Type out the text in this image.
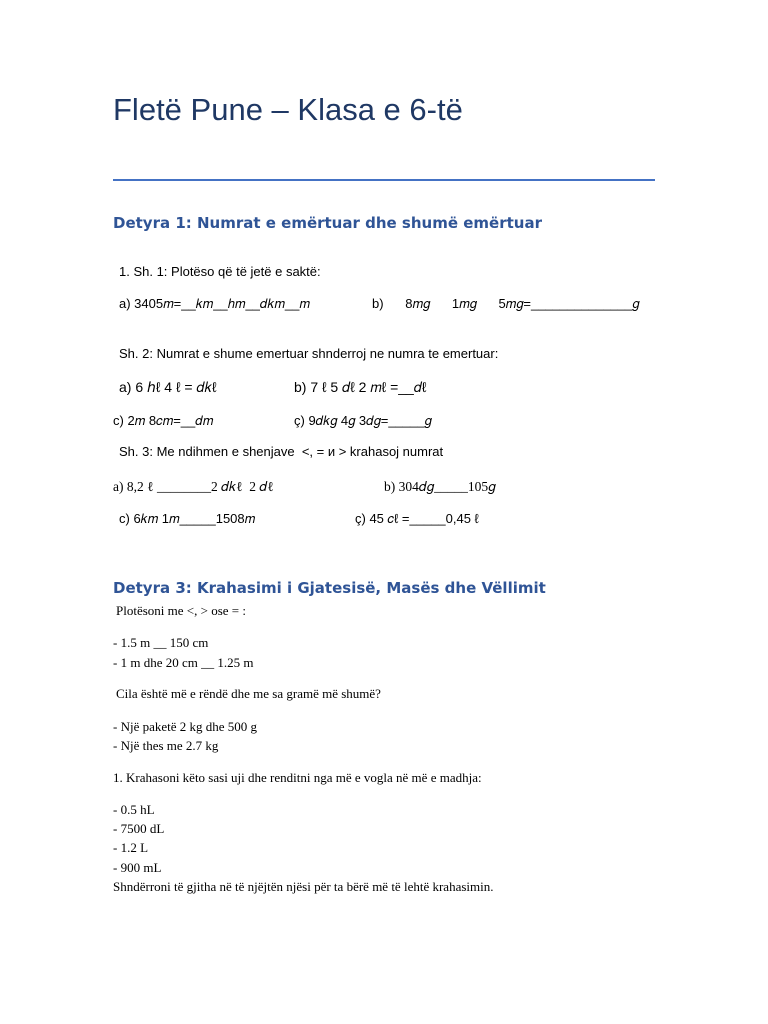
Fletë Pune – Klasa e 6-të
Detyra 1: Numrat e emërtuar dhe shumë emërtuar
1. Sh. 1: Plotëso që të jetë e saktë:
a) 3405𝑚=__𝑘𝑚__ℎ𝑚__𝑑𝑘𝑚__𝑚	b)      8𝑚𝑔      1𝑚𝑔      5𝑚𝑔=______________𝑔
Sh. 2: Numrat e shume emertuar shnderroj ne numra te emertuar:
a) 6 ℎℓ 4 ℓ = 𝑑𝑘ℓ	b) 7 ℓ 5 𝑑ℓ 2 𝑚ℓ =__𝑑ℓ
c) 2𝑚 8𝑐𝑚=__𝑑𝑚	ç) 9𝑑𝑘𝑔 4𝑔 3𝑑𝑔=_____𝑔
Sh. 3: Me ndihmen e shenjave  <, = и > krahasoj numrat
a) 8,2 ℓ ________2 𝑑𝑘ℓ  2 𝑑ℓ	b) 304𝑑𝑔_____105𝑔
c) 6𝑘𝑚 1𝑚_____1508𝑚	ç) 45 𝑐ℓ =_____0,45 ℓ
Detyra 3: Krahasimi i Gjatesisë, Masës dhe Vëllimit
Plotësoni me <, > ose = :
- 1.5 m __ 150 cm
- 1 m dhe 20 cm __ 1.25 m
Cila është më e rëndë dhe me sa gramë më shumë?
- Një paketë 2 kg dhe 500 g
- Një thes me 2.7 kg
1. Krahasoni këto sasi uji dhe renditni nga më e vogla në më e madhja:
- 0.5 hL
- 7500 dL
- 1.2 L
- 900 mL
Shndërroni të gjitha në të njëjtën njësi për ta bërë më të lehtë krahasimin.
